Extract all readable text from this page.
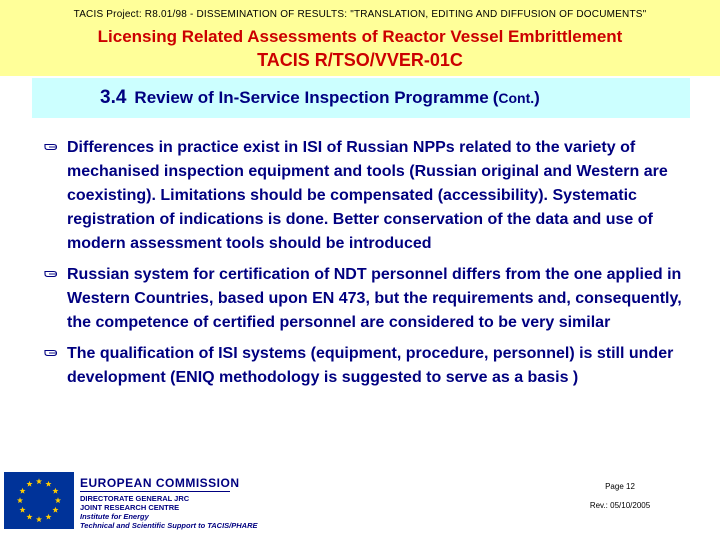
TACIS Project: R8.01/98 - DISSEMINATION OF RESULTS: "TRANSLATION, EDITING AND DIFFUSION OF DOCUMENTS"
Licensing Related Assessments of Reactor Vessel Embrittlement
TACIS R/TSO/VVER-01C
3.4 Review of In-Service Inspection Programme (Cont.)
Differences in practice exist in ISI of Russian NPPs related to the variety of mechanised inspection equipment and tools (Russian original and Western are coexisting). Limitations should be compensated (accessibility). Systematic registration of indications is done. Better conservation of the data and use of modern assessment tools should be introduced
Russian system for certification of NDT personnel differs from the one applied in Western Countries, based upon EN 473, but the requirements and, consequently, the competence of certified personnel are considered to be very similar
The qualification of ISI systems (equipment, procedure, personnel) is still under development (ENIQ methodology is suggested to serve as a basis )
EUROPEAN COMMISSION
DIRECTORATE GENERAL JRC
JOINT RESEARCH CENTRE
Institute for Energy
Technical and Scientific Support to TACIS/PHARE
Page 12
Rev.: 05/10/2005
